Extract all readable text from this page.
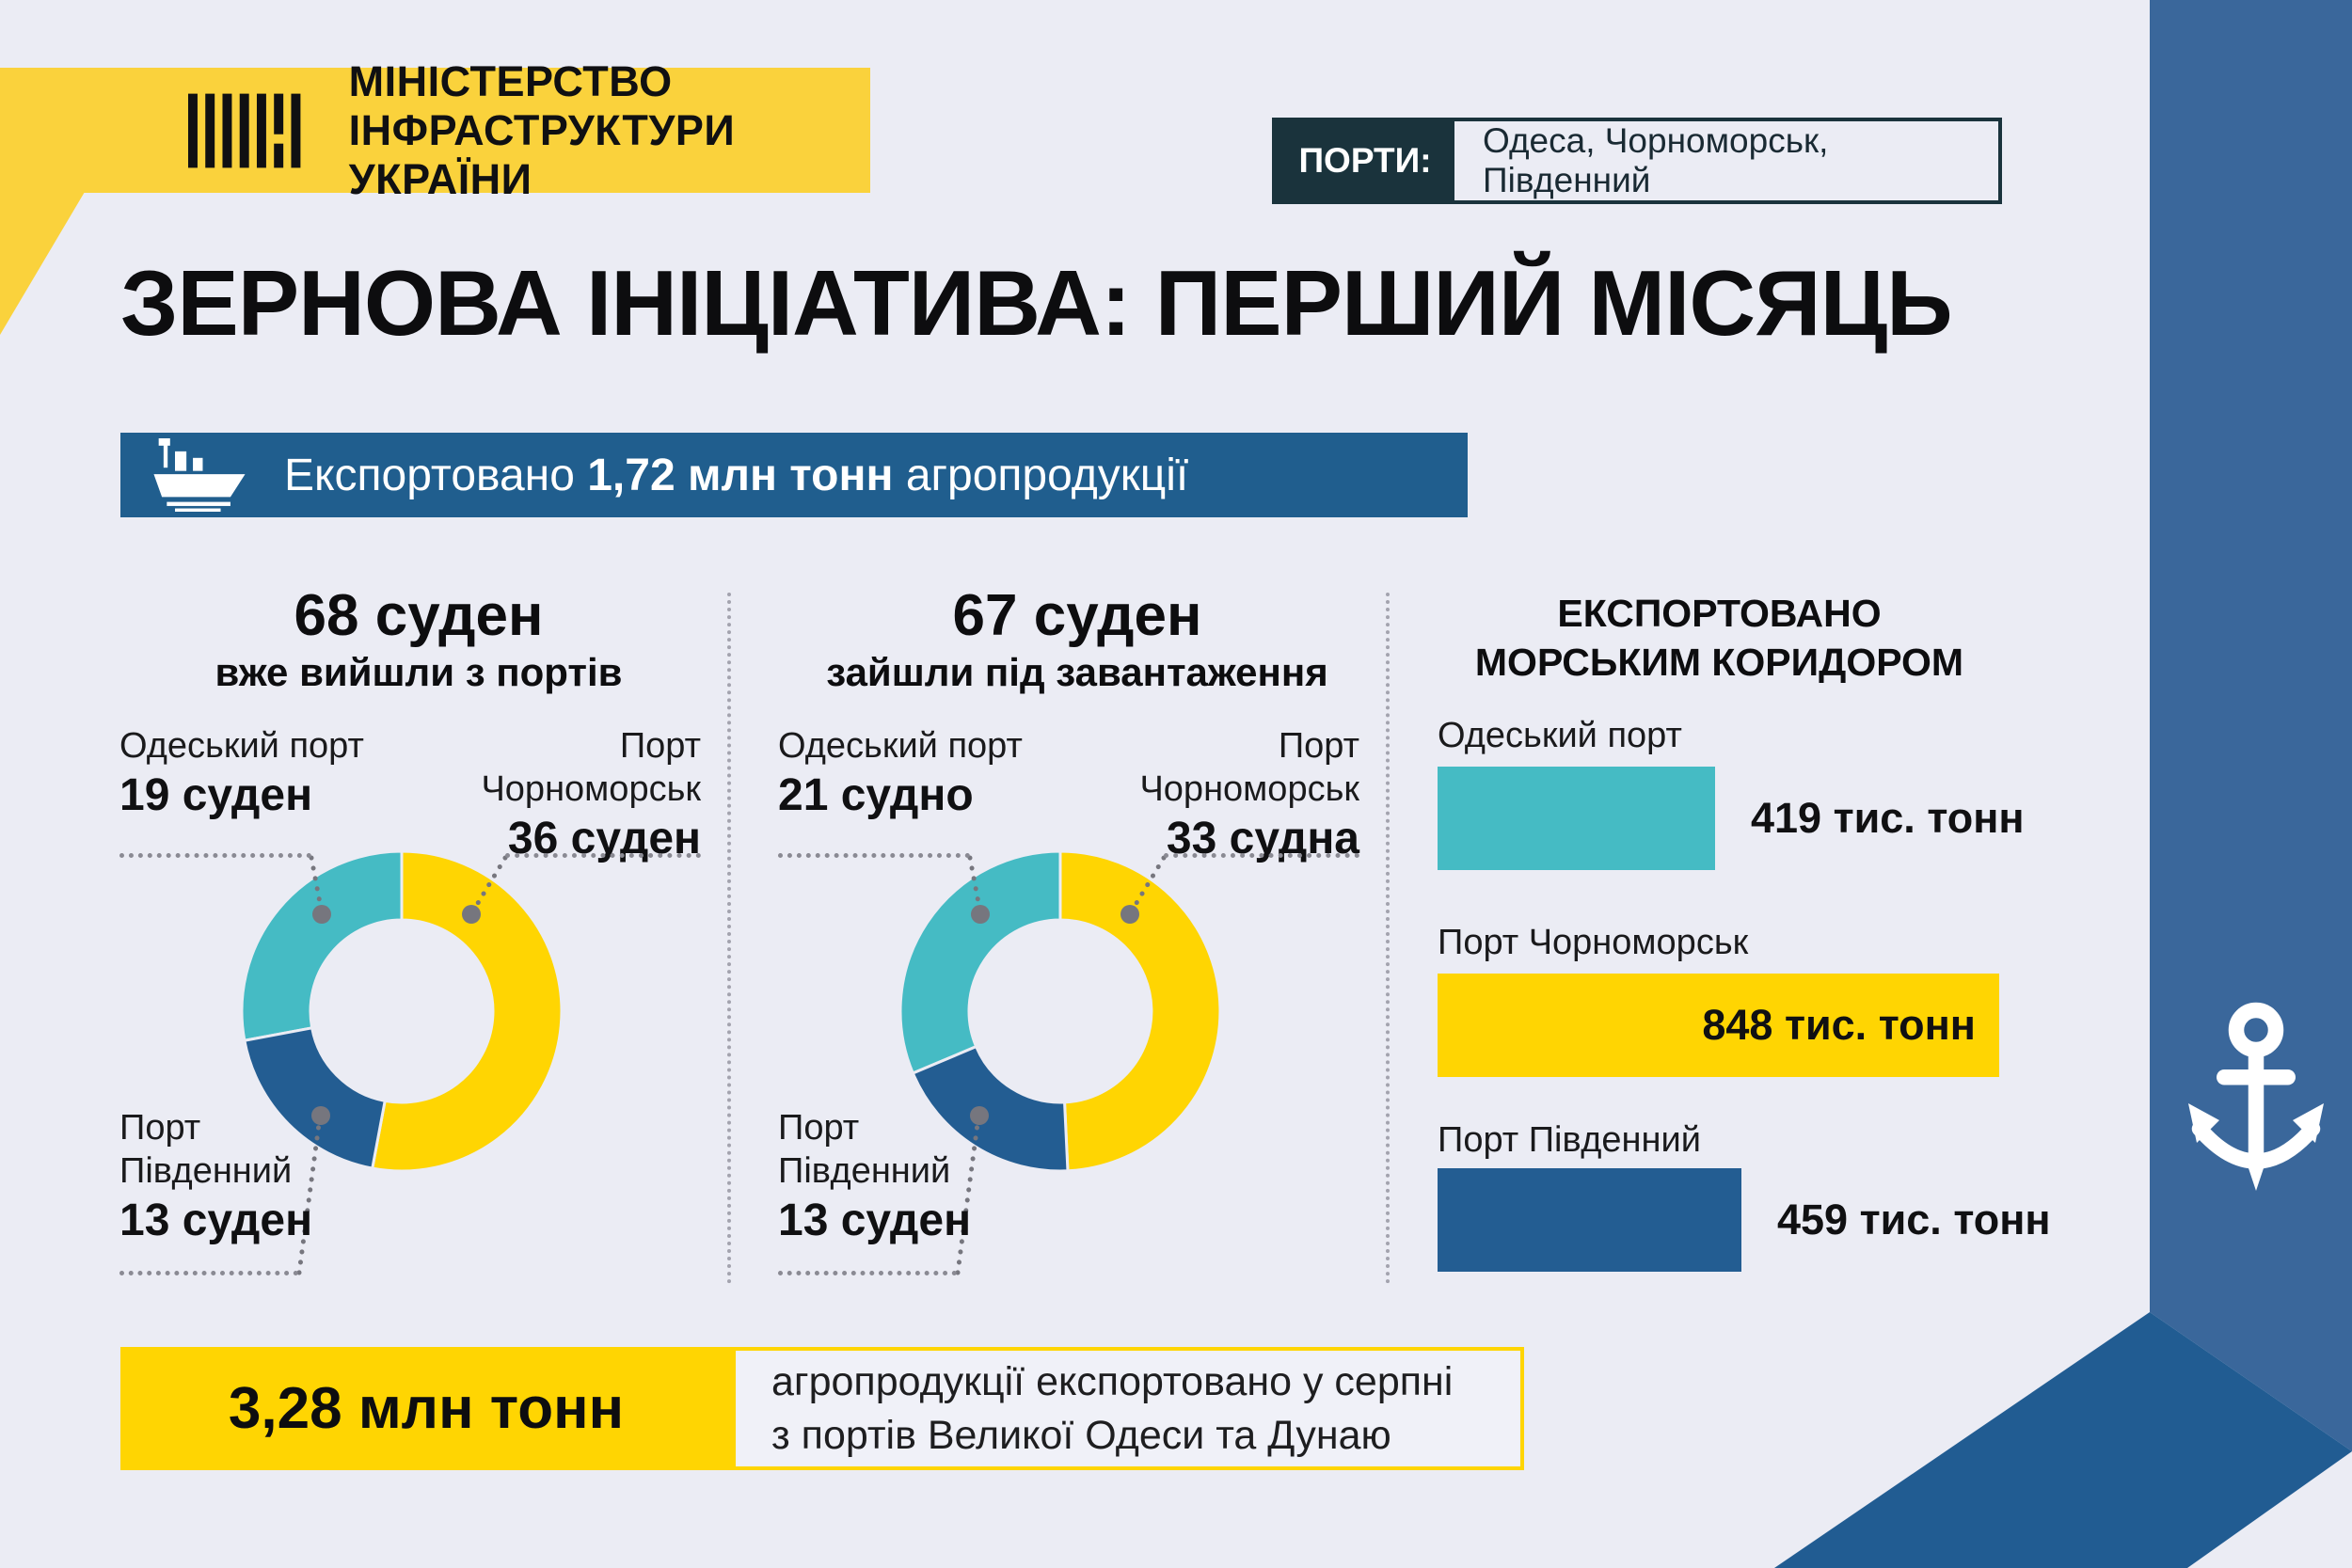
МІНІСТЕРСТВО
ІНФРАСТРУКТУРИ УКРАЇНИ	ПОРТИ:
Одеса, Чорноморськ, Південний
ЗЕРНОВА ІНІЦІАТИВА: ПЕРШИЙ МІСЯЦЬ
Експортовано 1,72 млн тонн агропродукції
68 суден
вже вийшли з портів
Одеський порт
19 суден
Порт Чорноморськ
36 суден
Порт Південний
13 суден
67 суден
зайшли під завантаження
Одеський порт
21 судно
Порт Чорноморськ
33 судна
Порт Південний
13 суден
ЕКСПОРТОВАНО
МОРСЬКИМ КОРИДОРОМ
Одеський порт
419 тис. тонн
Порт Чорноморськ
848 тис. тонн
Порт Південний
459 тис. тонн
3,28 млн тонн	агропродукції експортовано у серпні
з портів Великої Одеси та Дунаю
